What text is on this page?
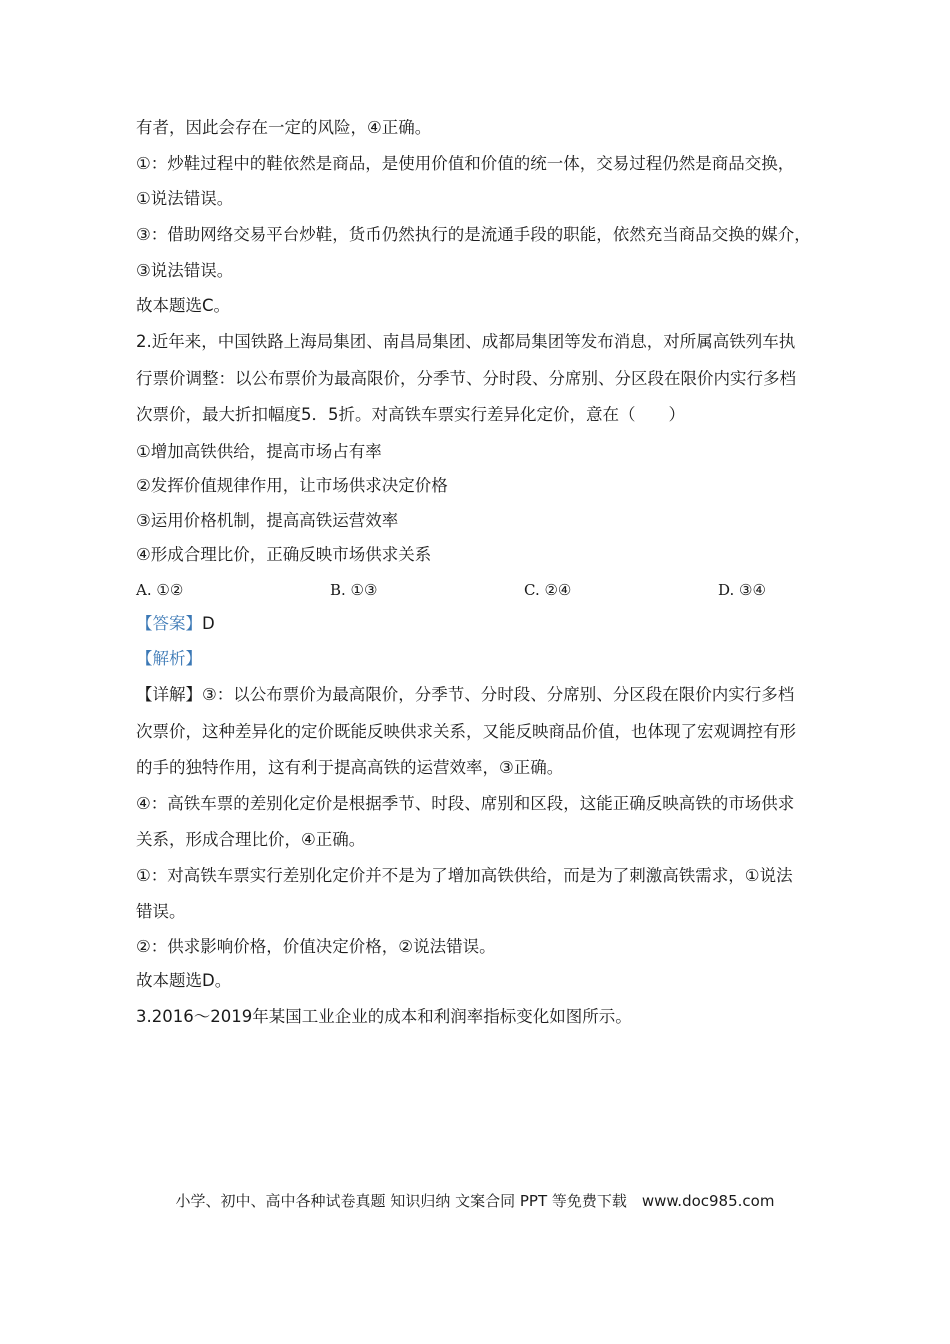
有者，因此会存在一定的风险，④正确。
①：炒鞋过程中的鞋依然是商品，是使用价值和价值的统一体，交易过程仍然是商品交换，
①说法错误。
③：借助网络交易平台炒鞋，货币仍然执行的是流通手段的职能，依然充当商品交换的媒介，
③说法错误。
故本题选C。
2.近年来，中国铁路上海局集团、南昌局集团、成都局集团等发布消息，对所属高铁列车执
行票价调整：以公布票价为最高限价，分季节、分时段、分席别、分区段在限价内实行多档
次票价，最大折扣幅度5．5折。对高铁车票实行差异化定价，意在（　　）
①增加高铁供给，提高市场占有率
②发挥价值规律作用，让市场供求决定价格
③运用价格机制，提高高铁运营效率
④形成合理比价，正确反映市场供求关系
A. ①②	B. ①③	C. ②④	D. ③④
【答案】D
【解析】
【详解】③：以公布票价为最高限价，分季节、分时段、分席别、分区段在限价内实行多档
次票价，这种差异化的定价既能反映供求关系，又能反映商品价值，也体现了宏观调控有形
的手的独特作用，这有利于提高高铁的运营效率，③正确。
④：高铁车票的差别化定价是根据季节、时段、席别和区段，这能正确反映高铁的市场供求
关系，形成合理比价，④正确。
①：对高铁车票实行差别化定价并不是为了增加高铁供给，而是为了刺激高铁需求，①说法
错误。
②：供求影响价格，价值决定价格，②说法错误。
故本题选D。
3.2016～2019年某国工业企业的成本和利润率指标变化如图所示。
小学、初中、高中各种试卷真题 知识归纳 文案合同 PPT 等免费下载　www.doc985.com
